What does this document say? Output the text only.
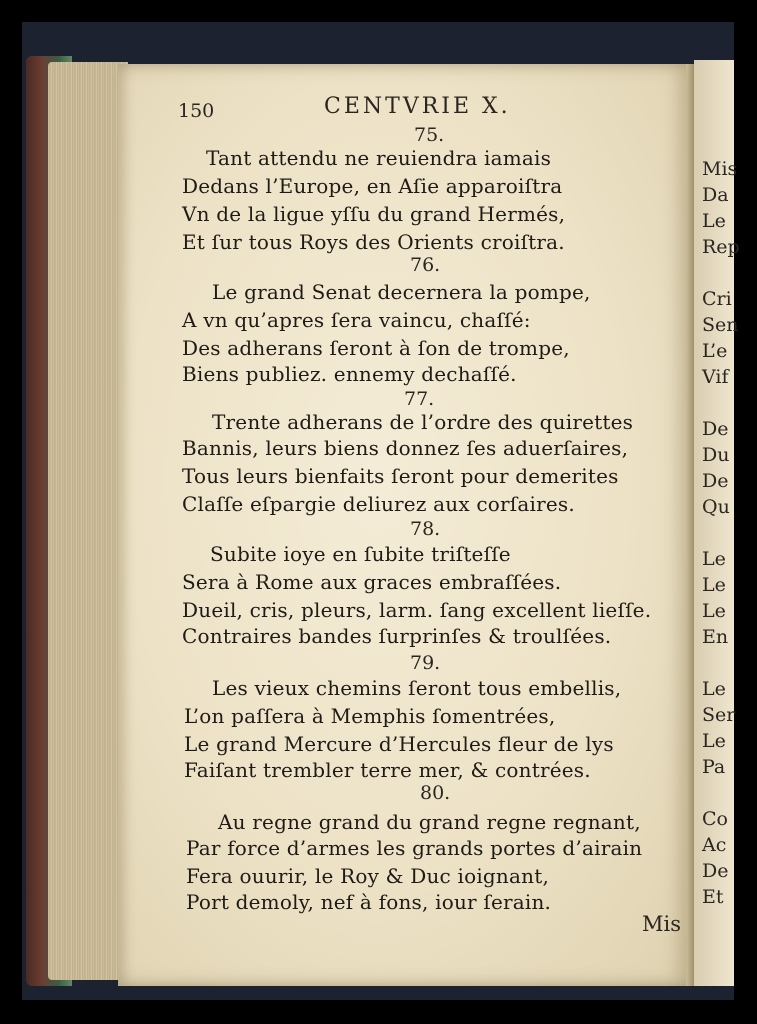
Mis
Da
Le
Rep
Cri
Sen
L’e
Vif
De
Du
De
Qu
Le
Le
Le
En
Le
Ser
Le
Pa
Co
Ac
De
Et
150	CENTVRIE X.
75.
Tant attendu ne reuiendra iamais
Dedans l’Europe, en Aſie apparoiſtra
Vn de la ligue yſſu du grand Hermés,
Et ſur tous Roys des Orients croiſtra.
76.
Le grand Senat decernera la pompe,
A vn qu’apres ſera vaincu, chaſſé:
Des adherans ſeront à ſon de trompe,
Biens publiez. ennemy dechaſſé.
77.
Trente adherans de l’ordre des quirettes
Bannis, leurs biens donnez ſes aduerſaires,
Tous leurs bienfaits ſeront pour demerites
Claſſe eſpargie deliurez aux corſaires.
78.
Subite ioye en ſubite triſteſſe
Sera à Rome aux graces embraſſées.
Dueil, cris, pleurs, larm. ſang excellent lieſſe.
Contraires bandes ſurprinſes & troulſées.
79.
Les vieux chemins ſeront tous embellis,
L’on paſſera à Memphis ſomentrées,
Le grand Mercure d’Hercules fleur de lys
Faiſant trembler terre mer, & contrées.
80.
Au regne grand du grand regne regnant,
Par force d’armes les grands portes d’airain
Fera ouurir, le Roy & Duc ioignant,
Port demoly, nef à fons, iour ſerain.
Mis
